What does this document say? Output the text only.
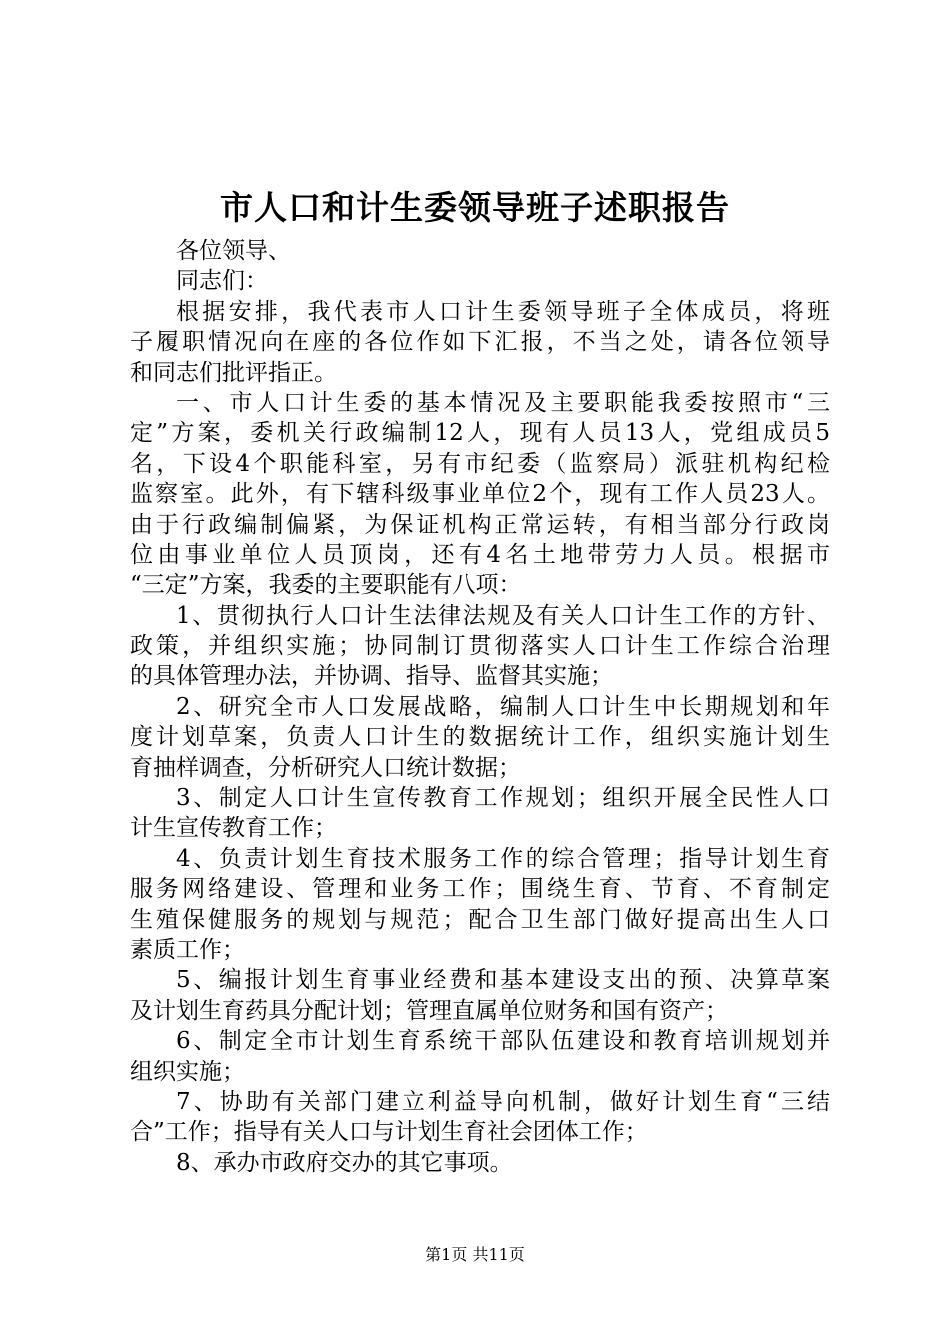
市人口和计生委领导班子述职报告
各位领导、
同志们：
根据安排，我代表市人口计生委领导班子全体成员，将班
子履职情况向在座的各位作如下汇报，不当之处，请各位领导
和同志们批评指正。
一、市人口计生委的基本情况及主要职能我委按照市“三
定”方案，委机关行政编制12人，现有人员13人，党组成员5
名，下设4个职能科室，另有市纪委（监察局）派驻机构纪检
监察室。此外，有下辖科级事业单位2个，现有工作人员23人。
由于行政编制偏紧，为保证机构正常运转，有相当部分行政岗
位由事业单位人员顶岗，还有4名土地带劳力人员。根据市
“三定”方案，我委的主要职能有八项：
1、贯彻执行人口计生法律法规及有关人口计生工作的方针、
政策，并组织实施；协同制订贯彻落实人口计生工作综合治理
的具体管理办法，并协调、指导、监督其实施；
2、研究全市人口发展战略，编制人口计生中长期规划和年
度计划草案，负责人口计生的数据统计工作，组织实施计划生
育抽样调查，分析研究人口统计数据；
3、制定人口计生宣传教育工作规划；组织开展全民性人口
计生宣传教育工作；
4、负责计划生育技术服务工作的综合管理；指导计划生育
服务网络建设、管理和业务工作；围绕生育、节育、不育制定
生殖保健服务的规划与规范；配合卫生部门做好提高出生人口
素质工作；
5、编报计划生育事业经费和基本建设支出的预、决算草案
及计划生育药具分配计划；管理直属单位财务和国有资产；
6、制定全市计划生育系统干部队伍建设和教育培训规划并
组织实施；
7、协助有关部门建立利益导向机制，做好计划生育“三结
合”工作；指导有关人口与计划生育社会团体工作；
8、承办市政府交办的其它事项。
第1页 共11页
